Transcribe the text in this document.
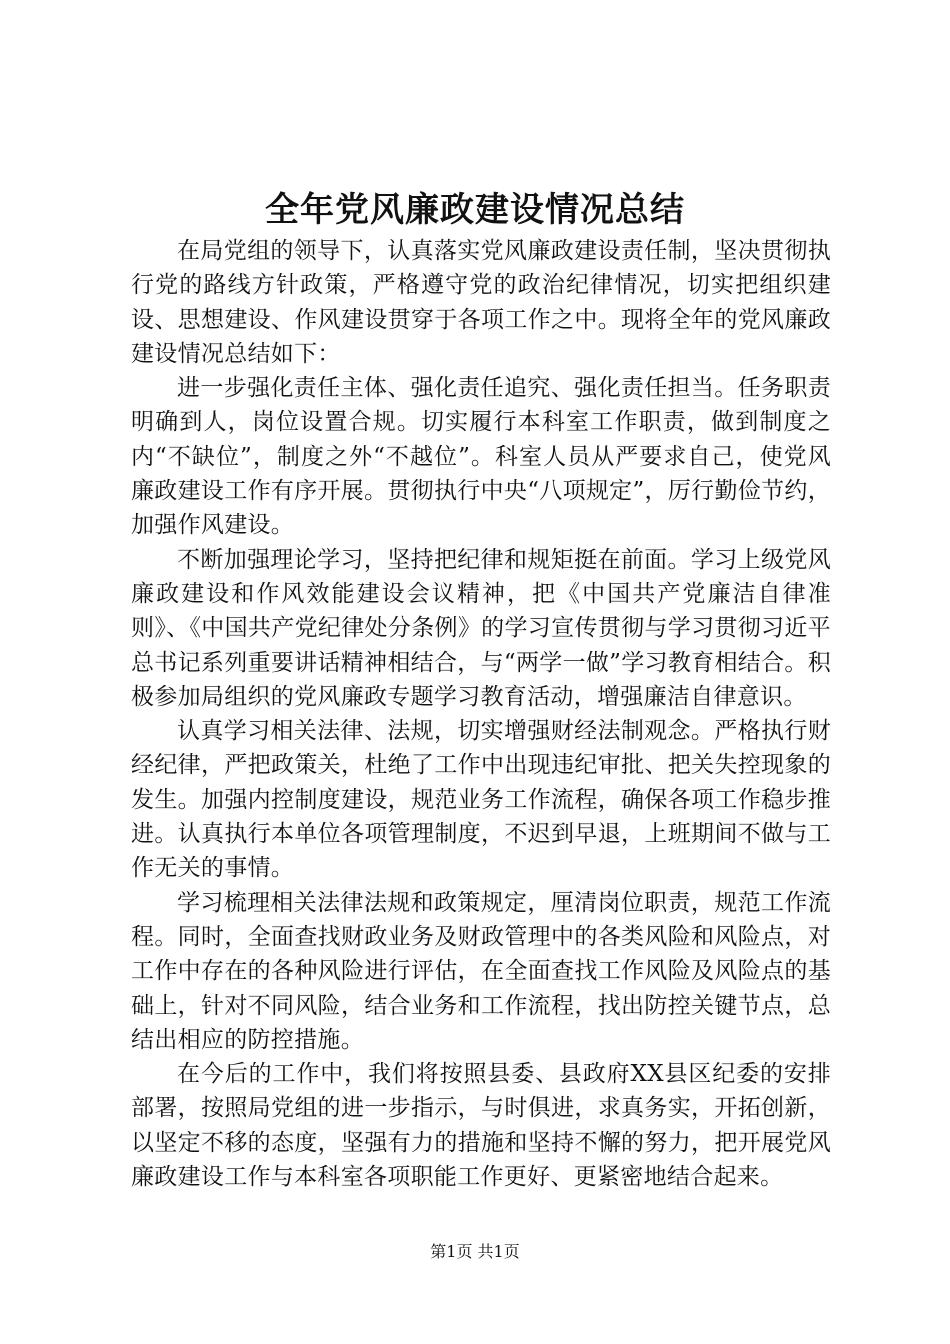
全年党风廉政建设情况总结

在局党组的领导下，认真落实党风廉政建设责任制，坚决贯彻执行党的路线方针政策，严格遵守党的政治纪律情况，切实把组织建设、思想建设、作风建设贯穿于各项工作之中。现将全年的党风廉政建设情况总结如下：

进一步强化责任主体、强化责任追究、强化责任担当。任务职责明确到人，岗位设置合规。切实履行本科室工作职责，做到制度之内“不缺位”，制度之外“不越位”。科室人员从严要求自己，使党风廉政建设工作有序开展。贯彻执行中央“八项规定”，厉行勤俭节约，加强作风建设。

不断加强理论学习，坚持把纪律和规矩挺在前面。学习上级党风廉政建设和作风效能建设会议精神，把《中国共产党廉洁自律准则》、《中国共产党纪律处分条例》的学习宣传贯彻与学习贯彻习近平总书记系列重要讲话精神相结合，与“两学一做”学习教育相结合。积极参加局组织的党风廉政专题学习教育活动，增强廉洁自律意识。

认真学习相关法律、法规，切实增强财经法制观念。严格执行财经纪律，严把政策关，杜绝了工作中出现违纪审批、把关失控现象的发生。加强内控制度建设，规范业务工作流程，确保各项工作稳步推进。认真执行本单位各项管理制度，不迟到早退，上班期间不做与工作无关的事情。

学习梳理相关法律法规和政策规定，厘清岗位职责，规范工作流程。同时，全面查找财政业务及财政管理中的各类风险和风险点，对工作中存在的各种风险进行评估，在全面查找工作风险及风险点的基础上，针对不同风险，结合业务和工作流程，找出防控关键节点，总结出相应的防控措施。

在今后的工作中，我们将按照县委、县政府XX县区纪委的安排部署，按照局党组的进一步指示，与时俱进，求真务实，开拓创新，以坚定不移的态度，坚强有力的措施和坚持不懈的努力，把开展党风廉政建设工作与本科室各项职能工作更好、更紧密地结合起来。

第1页 共1页
